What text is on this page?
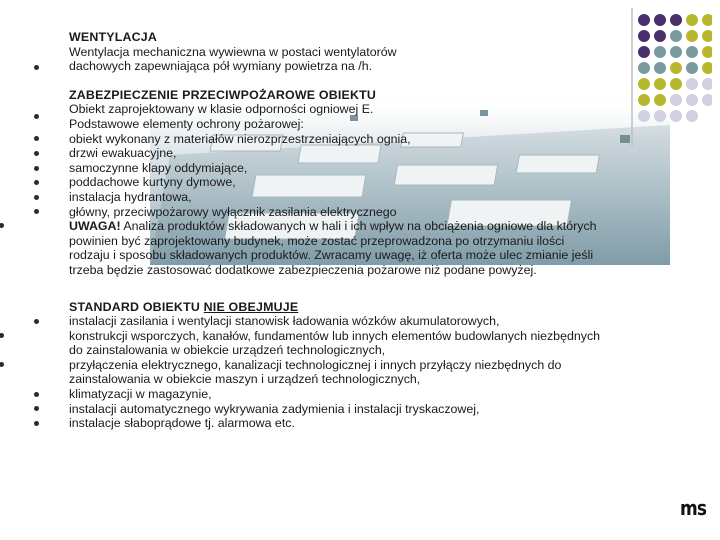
WENTYLACJA
Wentylacja mechaniczna wywiewna w postaci wentylatorów
dachowych zapewniająca pół wymiany powietrza na /h.
ZABEZPIECZENIE PRZECIWPOŻAROWE OBIEKTU
Obiekt zaprojektowany w klasie odporności ogniowej E.
Podstawowe elementy ochrony pożarowej:
obiekt wykonany z materiałów nierozprzestrzeniających ognia,
drzwi ewakuacyjne,
samoczynne klapy oddymiające,
poddachowe kurtyny dymowe,
instalacja hydrantowa,
główny, przeciwpożarowy wyłącznik zasilania elektrycznego
UWAGA! Analiza produktów składowanych w hali i ich wpływ na obciążenia ogniowe dla których
powinien być zaprojektowany budynek, może zostać przeprowadzona po otrzymaniu ilości
rodzaju i sposobu składowanych produktów. Zwracamy uwagę, iż oferta może ulec zmianie jeśli
trzeba będzie zastosować dodatkowe zabezpieczenia pożarowe niż podane powyżej.
STANDARD OBIEKTU NIE OBEJMUJE
instalacji zasilania i wentylacji stanowisk ładowania wózków akumulatorowych,
konstrukcji wsporczych, kanałów, fundamentów lub innych elementów budowlanych niezbędnych
do zainstalowania w obiekcie urządzeń technologicznych,
przyłączenia elektrycznego, kanalizacji technologicznej i innych przyłączy niezbędnych do
zainstalowania w obiekcie maszyn i urządzeń technologicznych,
klimatyzacji w magazynie,
instalacji automatycznego wykrywania zadymienia i instalacji tryskaczowej,
instalacje słaboprądowe tj. alarmowa etc.
ms
